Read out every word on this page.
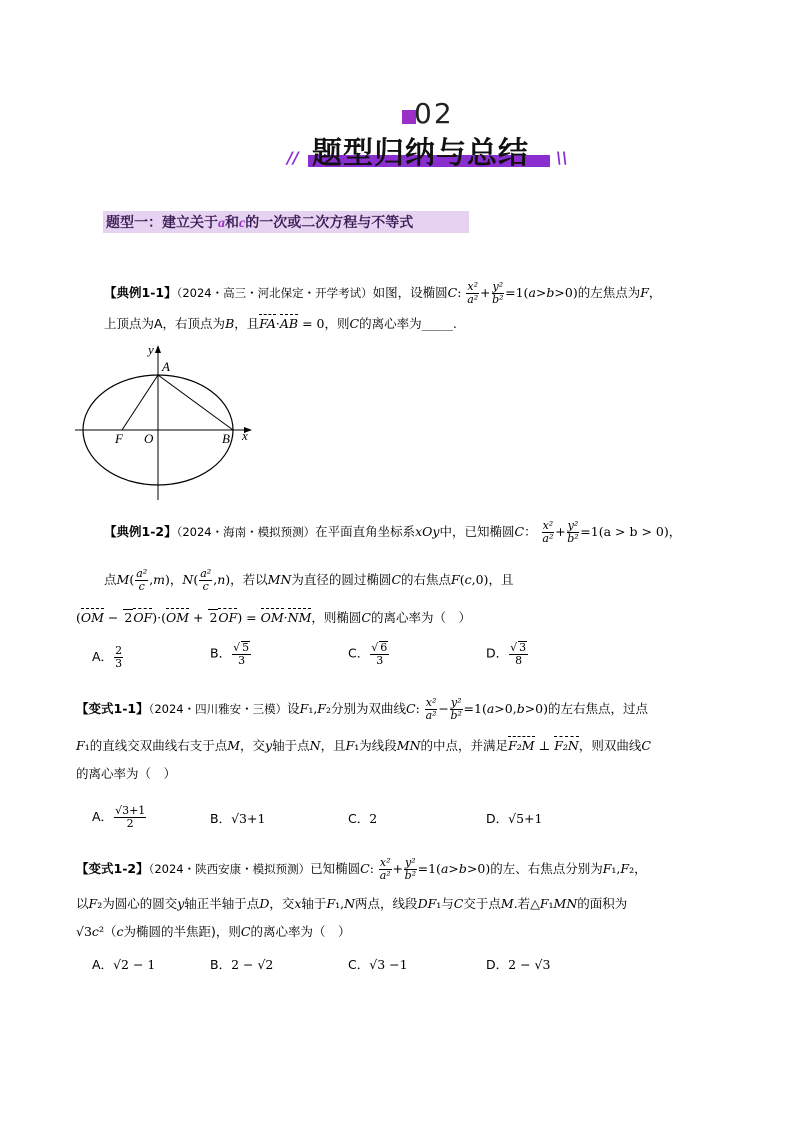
02
题型归纳与总结
//	\\
题型一：建立关于a和c的一次或二次方程与不等式
【典例1-1】（2024・高三・河北保定・开学考试）如图，设椭圆C: $\frac{\text{x²}}{\text{a²}} + \frac{\text{y²}}{\text{b²}} =1(a>b>0)$的左焦点为F，
上顶点为A，右顶点为B，且FA·AB = 0，则C的离心率为_____.
y
A
F O	B x
【典例1-2】（2024・海南・模拟预测）在平面直角坐标系xOy中，已知椭圆C： $\frac{\text{x²}}{\text{a²}} + \frac{\text{y²}}{\text{b²}} =1(a > b > 0)$，
点$M( \frac{\text{a²}}{c} ,m)$，$N( \frac{\text{a²}}{c} ,n)$，若以MN为直径的圆过椭圆C的右焦点F(c,0)，且
(OM − 2OF)·(OM + 2OF) = OM·NM，则椭圆C的离心率为（　）
A． $\frac{2}{3}$	B． $\frac{√ 5}{3}$	C． $\frac{√ 6}{3}$	D． $\frac{√ 3}{8}$
【变式1-1】（2024・四川雅安・三模）设F₁,F₂分别为双曲线C: $\frac{\text{x²}}{\text{a²}} - \frac{\text{y²}}{\text{b²}} =1(a>0,b>0)$的左右焦点，过点
F₁的直线交双曲线右支于点M，交y轴于点N，且F₁为线段MN的中点，并满足F₂M ⊥ F₂N，则双曲线C
的离心率为（　）
A． $\frac{√3+1}{2}$	B．√3+1	C．2	D．√5+1
【变式1-2】（2024・陕西安康・模拟预测）已知椭圆C: $\frac{\text{x²}}{\text{a²}} + \frac{\text{y²}}{\text{b²}} =1(a>b>0)$的左、右焦点分别为F₁,F₂，
以F₂为圆心的圆交y轴正半轴于点D，交x轴于F₁,N两点，线段DF₁与C交于点M.若△F₁MN的面积为
√3c²（c为椭圆的半焦距)，则C的离心率为（　）
A．√2 − 1	B．2 − √2	C．√3 −1	D．2 − √3
